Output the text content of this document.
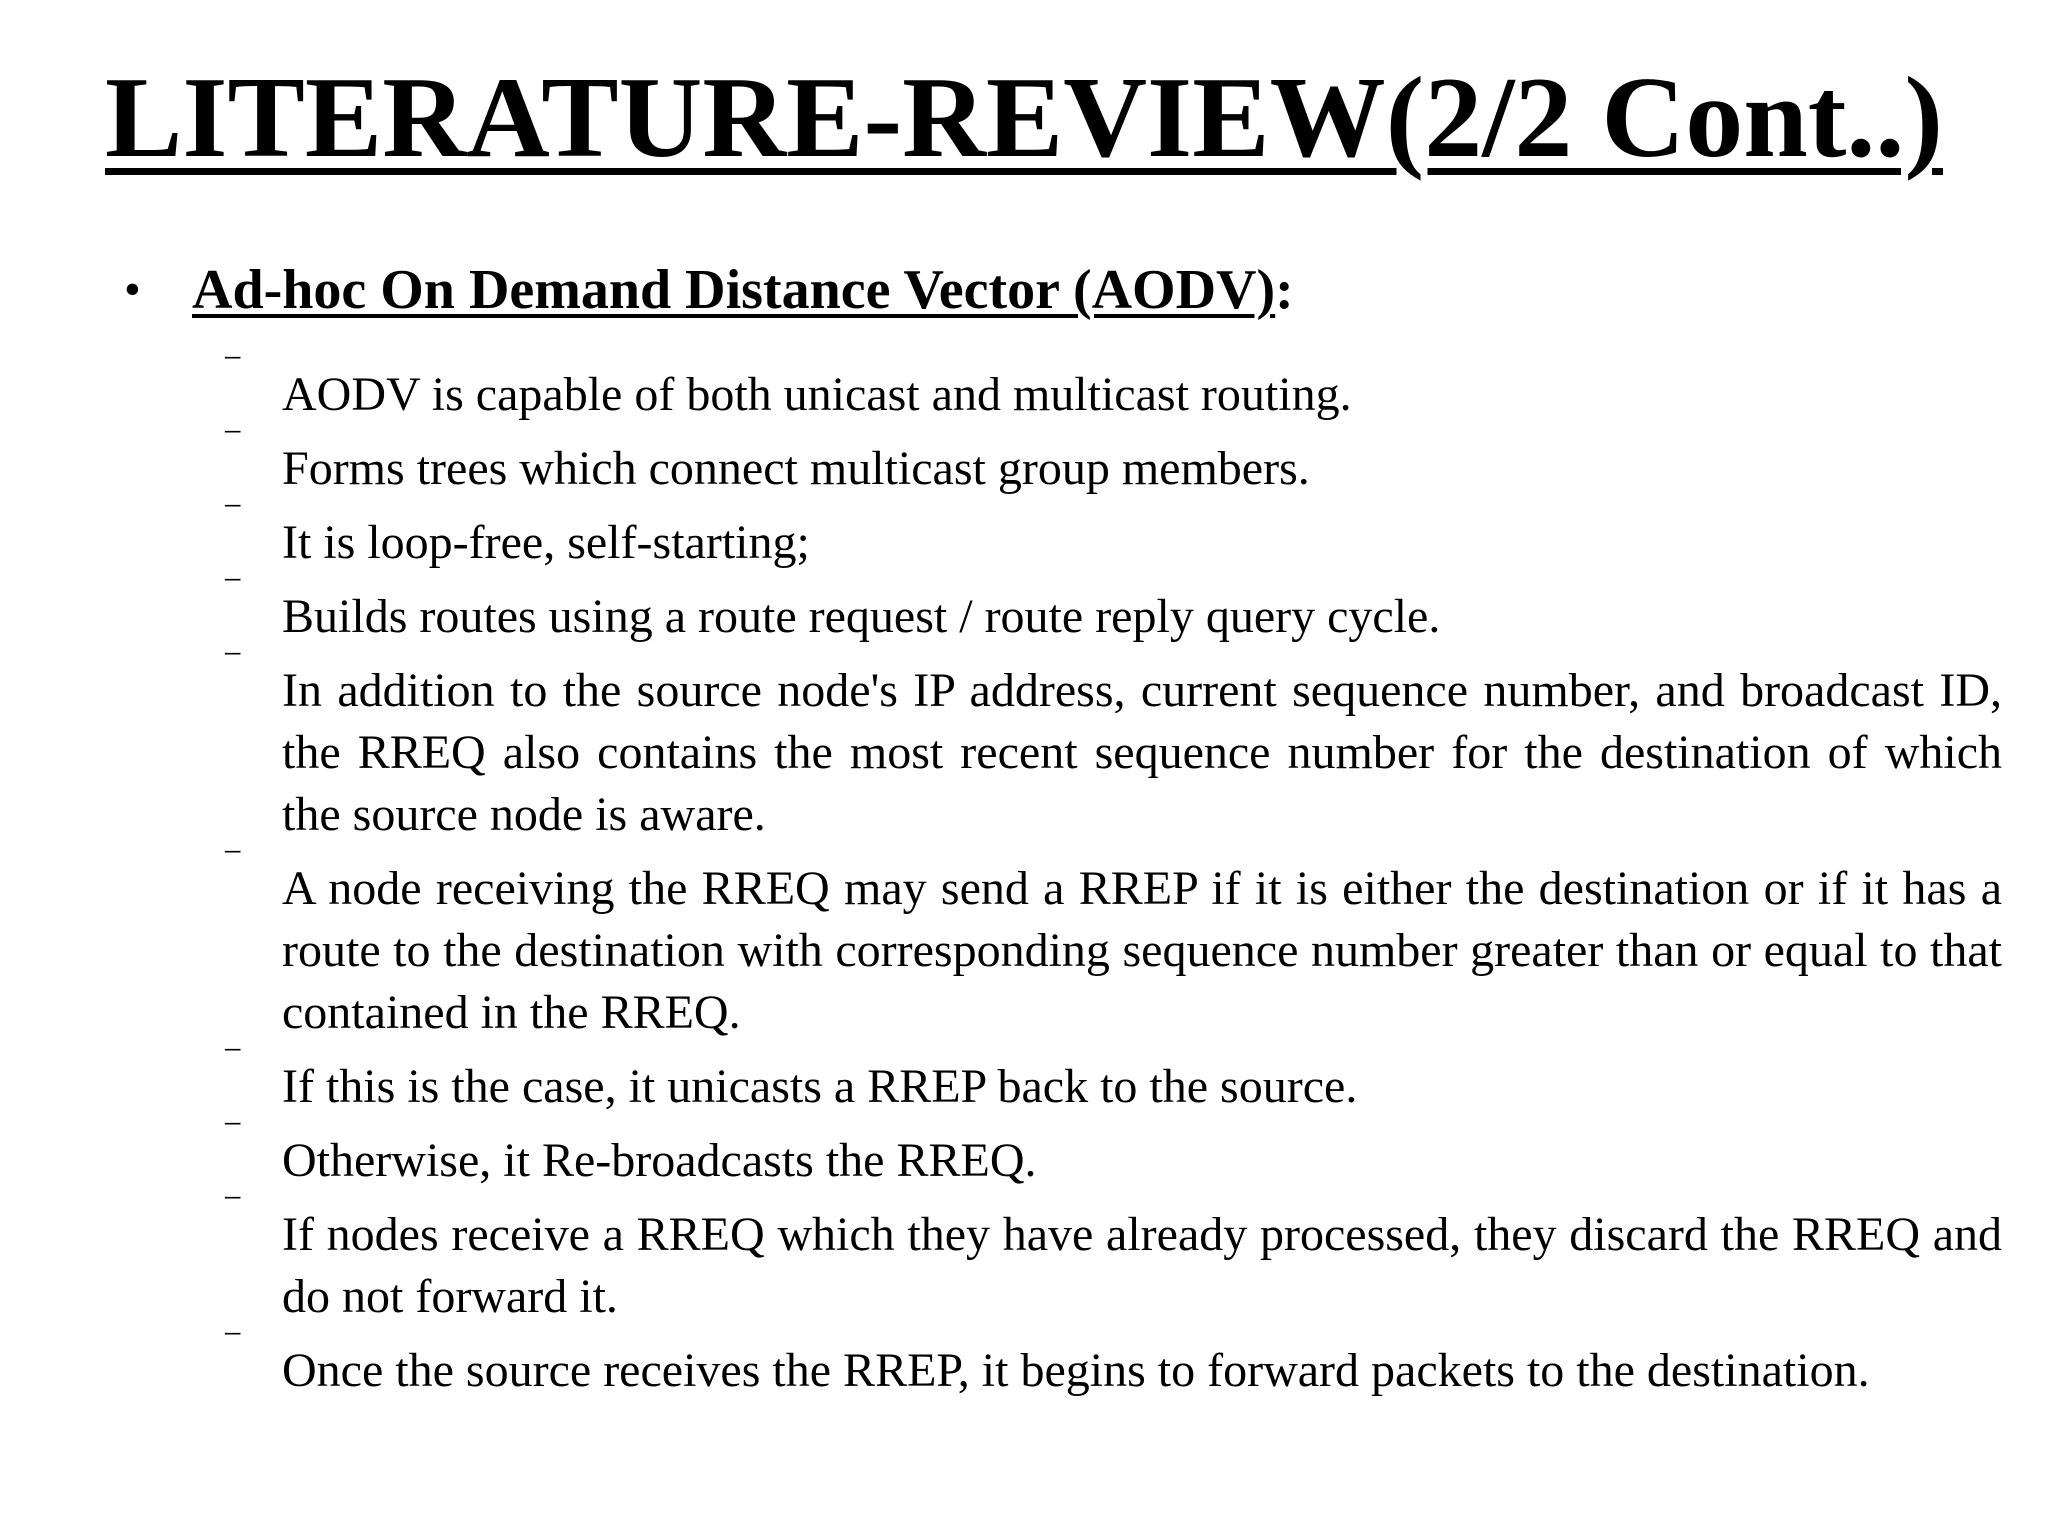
LITERATURE-REVIEW(2/2 Cont..)
• Ad-hoc On Demand Distance Vector (AODV):
‾ AODV is capable of both unicast and multicast routing.
‾ Forms trees which connect multicast group members.
‾ It is loop-free, self-starting;
‾ Builds routes using a route request / route reply query cycle.
‾ In addition to the source node's IP address, current sequence number, and broadcast ID, the RREQ also contains the most recent sequence number for the destination of which the source node is aware.
‾ A node receiving the RREQ may send a RREP if it is either the destination or if it has a route to the destination with corresponding sequence number greater than or equal to that contained in the RREQ.
‾ If this is the case, it unicasts a RREP back to the source.
‾ Otherwise, it Re-broadcasts the RREQ.
‾ If nodes receive a RREQ which they have already processed, they discard the RREQ and do not forward it.
‾ Once the source receives the RREP, it begins to forward packets to the destination.
